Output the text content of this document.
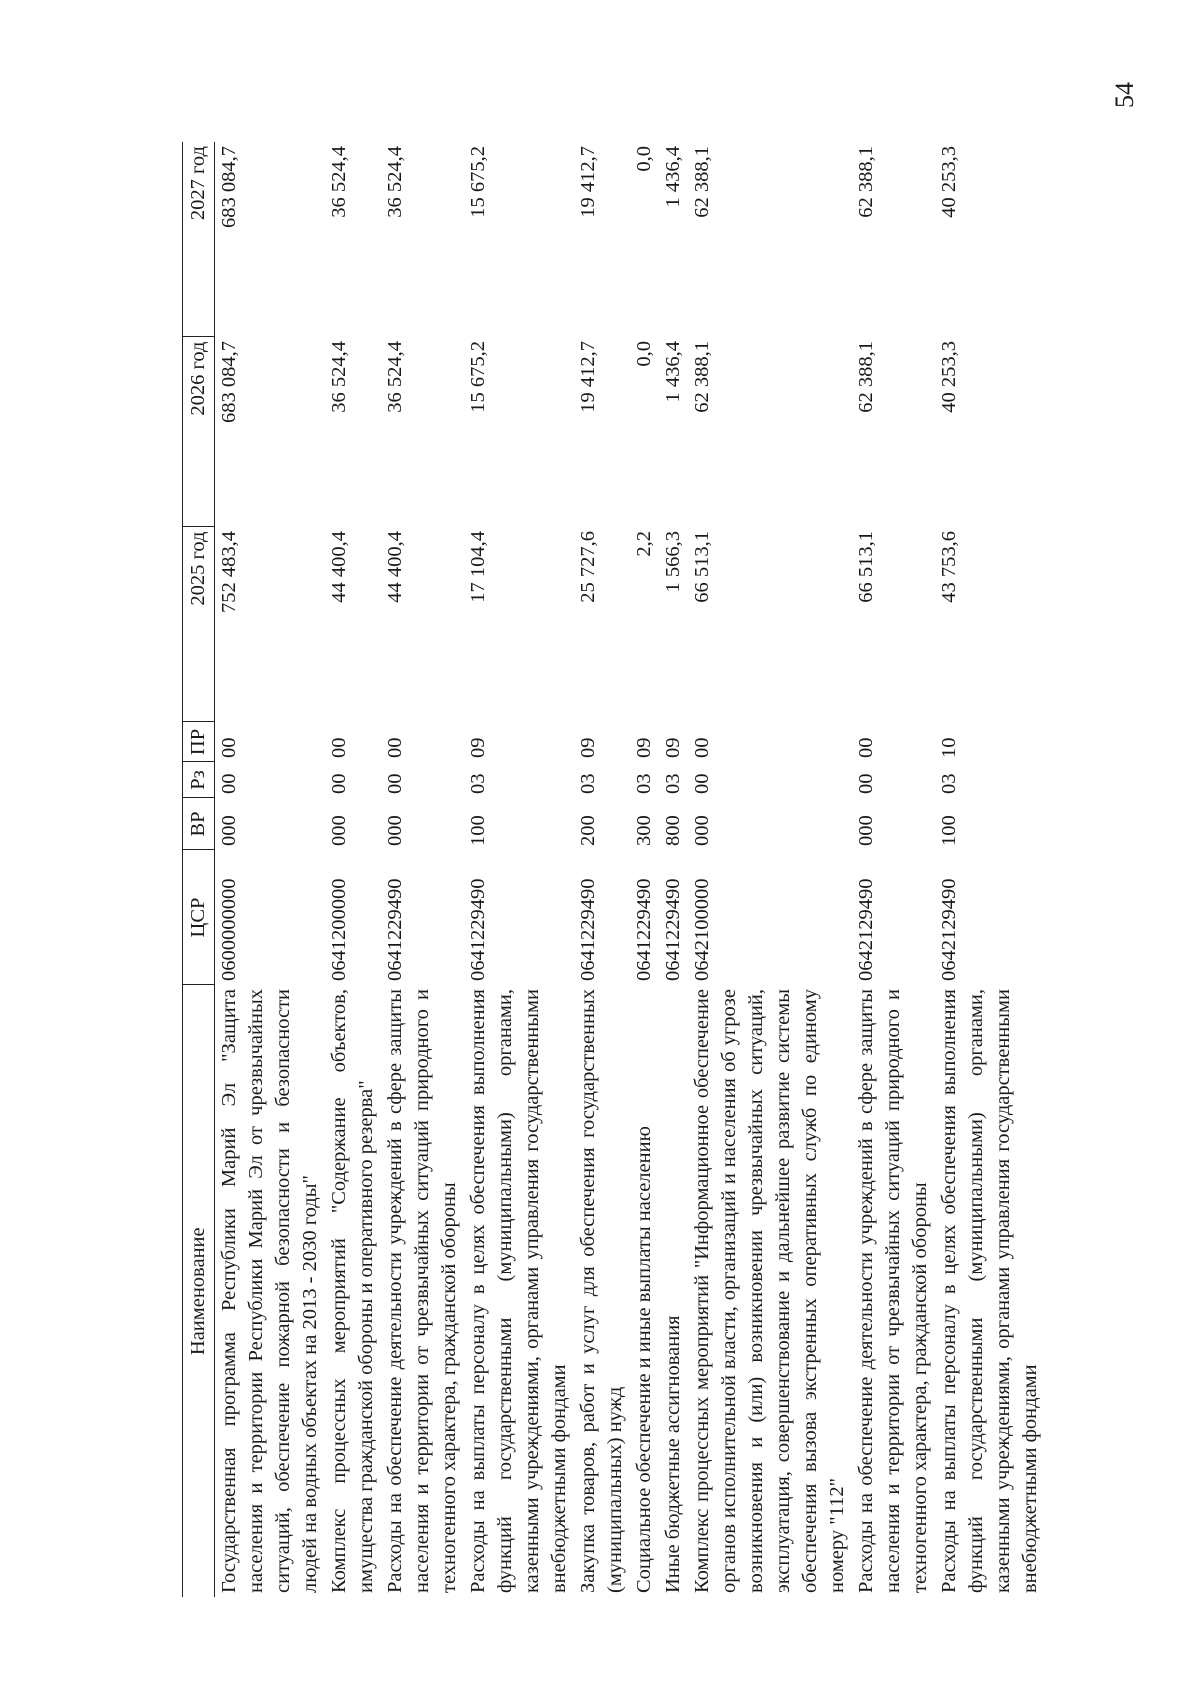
54
Наименование	ЦСР	ВР	Рз	ПР	2025 год	2026 год	2027 год
Государственная программа Республики Марий Эл "Защита населения и территории Республики Марий Эл от чрезвычайных ситуаций, обеспечение пожарной безопасности и безопасности людей на водных объектах на 2013 - 2030 годы"	0600000000	000	00	00	752 483,4	683 084,7	683 084,7
Комплекс процессных мероприятий "Содержание объектов, имущества гражданской обороны и оперативного резерва"	0641200000	000	00	00	44 400,4	36 524,4	36 524,4
Расходы на обеспечение деятельности учреждений в сфере защиты населения и территории от чрезвычайных ситуаций природного и техногенного характера, гражданской обороны	0641229490	000	00	00	44 400,4	36 524,4	36 524,4
Расходы на выплаты персоналу в целях обеспечения выполнения функций государственными (муниципальными) органами, казенными учреждениями, органами управления государственными внебюджетными фондами	0641229490	100	03	09	17 104,4	15 675,2	15 675,2
Закупка товаров, работ и услуг для обеспечения государственных (муниципальных) нужд	0641229490	200	03	09	25 727,6	19 412,7	19 412,7
Социальное обеспечение и иные выплаты населению	0641229490	300	03	09	2,2	0,0	0,0
Иные бюджетные ассигнования	0641229490	800	03	09	1 566,3	1 436,4	1 436,4
Комплекс процессных мероприятий "Информационное обеспечение органов исполнительной власти, организаций и населения об угрозе возникновения и (или) возникновении чрезвычайных ситуаций, эксплуатация, совершенствование и дальнейшее развитие системы обеспечения вызова экстренных оперативных служб по единому номеру "112"	0642100000	000	00	00	66 513,1	62 388,1	62 388,1
Расходы на обеспечение деятельности учреждений в сфере защиты населения и территории от чрезвычайных ситуаций природного и техногенного характера, гражданской обороны	0642129490	000	00	00	66 513,1	62 388,1	62 388,1
Расходы на выплаты персоналу в целях обеспечения выполнения функций государственными (муниципальными) органами, казенными учреждениями, органами управления государственными внебюджетными фондами	0642129490	100	03	10	43 753,6	40 253,3	40 253,3
